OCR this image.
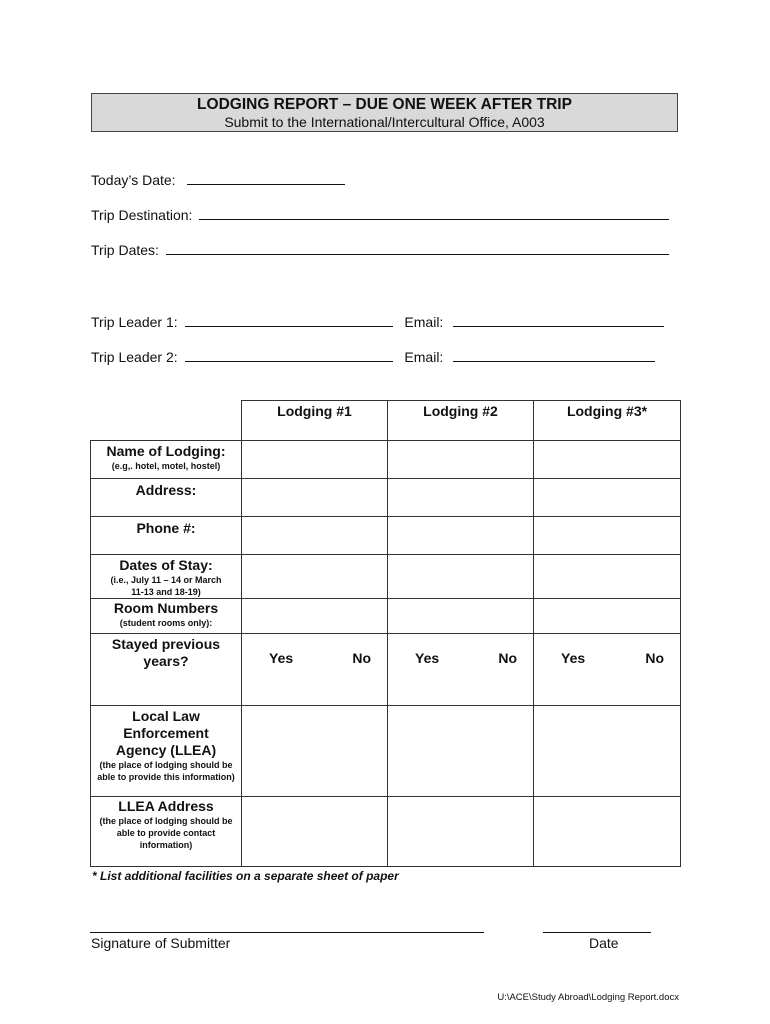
LODGING REPORT – DUE ONE WEEK AFTER TRIP
Submit to the International/Intercultural Office, A003
Today’s Date:
Trip Destination:
Trip Dates:
Trip Leader 1:	Email:
Trip Leader 2:	Email:
	Lodging #1	Lodging #2	Lodging #3*

Name of Lodging:
(e.g,. hotel, motel, hostel)			

Address:			

Phone #:			

Dates of Stay:
(i.e., July 11 – 14 or March 11-13 and 18-19)			

Room Numbers
(student rooms only):			

Stayed previous years?	Yes No	Yes No	Yes No

Local Law Enforcement Agency (LLEA)
(the place of lodging should be able to provide this information)			

LLEA Address
(the place of lodging should be able to provide contact information)			

* List additional facilities on a separate sheet of paper
Signature of Submitter	Date
U:\ACE\Study Abroad\Lodging Report.docx
